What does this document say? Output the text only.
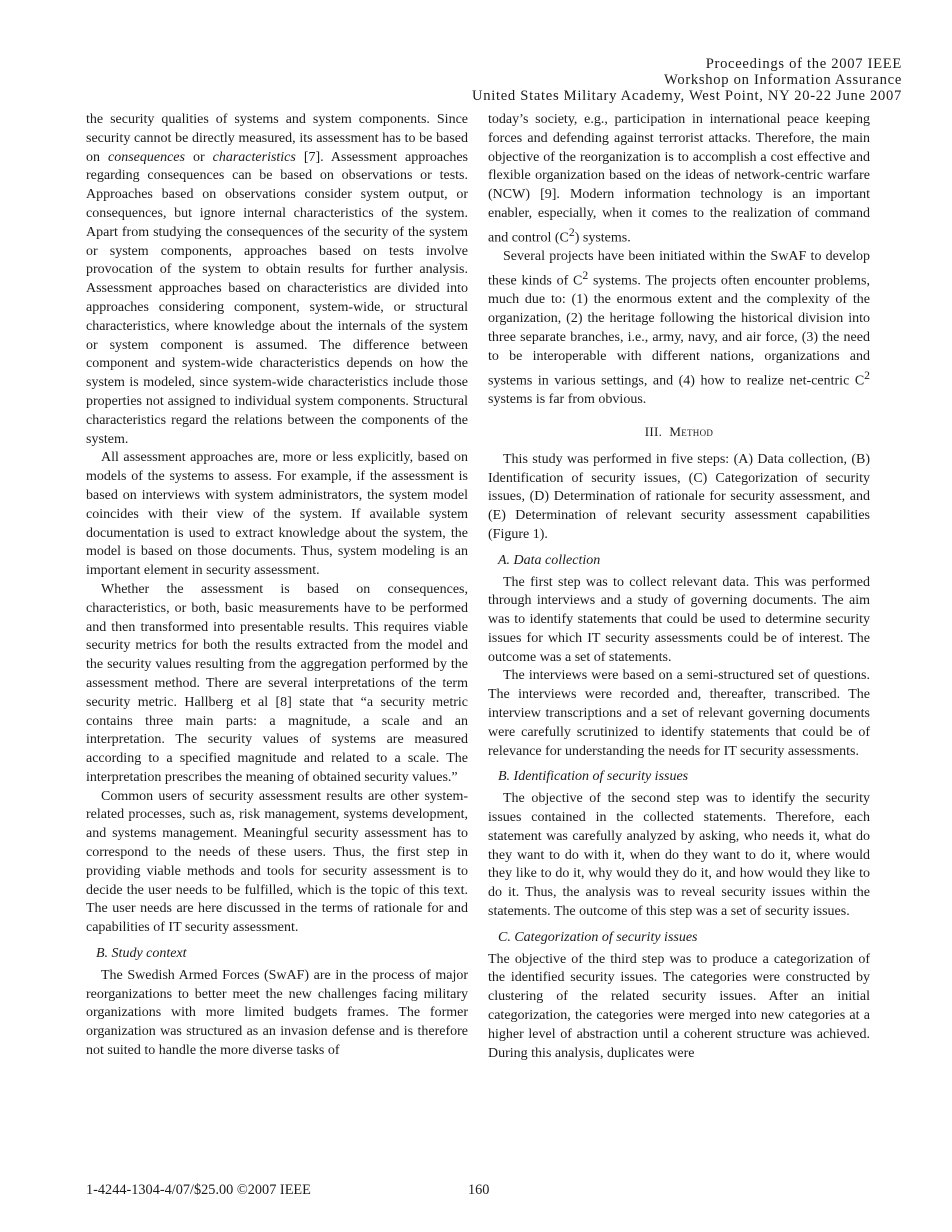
Proceedings of the 2007 IEEE
Workshop on Information Assurance
United States Military Academy, West Point, NY 20-22 June 2007

the security qualities of systems and system components. Since security cannot be directly measured, its assessment has to be based on consequences or characteristics [7]. Assessment approaches regarding consequences can be based on observations or tests. Approaches based on observations consider system output, or consequences, but ignore internal characteristics of the system. Apart from studying the consequences of the security of the system or system components, approaches based on tests involve provocation of the system to obtain results for further analysis. Assessment approaches based on characteristics are divided into approaches considering component, system-wide, or structural characteristics, where knowledge about the internals of the system or system component is assumed. The difference between component and system-wide characteristics depends on how the system is modeled, since system-wide characteristics include those properties not assigned to individual system components. Structural characteristics regard the relations between the components of the system.

All assessment approaches are, more or less explicitly, based on models of the systems to assess. For example, if the assessment is based on interviews with system administrators, the system model coincides with their view of the system. If available system documentation is used to extract knowledge about the system, the model is based on those documents. Thus, system modeling is an important element in security assessment.

Whether the assessment is based on consequences, characteristics, or both, basic measurements have to be performed and then transformed into presentable results. This requires viable security metrics for both the results extracted from the model and the security values resulting from the aggregation performed by the assessment method. There are several interpretations of the term security metric. Hallberg et al [8] state that “a security metric contains three main parts: a magnitude, a scale and an interpretation. The security values of systems are measured according to a specified magnitude and related to a scale. The interpretation prescribes the meaning of obtained security values.”

Common users of security assessment results are other system-related processes, such as, risk management, systems development, and systems management. Meaningful security assessment has to correspond to the needs of these users. Thus, the first step in providing viable methods and tools for security assessment is to decide the user needs to be fulfilled, which is the topic of this text. The user needs are here discussed in the terms of rationale for and capabilities of IT security assessment.

B. Study context

The Swedish Armed Forces (SwAF) are in the process of major reorganizations to better meet the new challenges facing military organizations with more limited budgets frames. The former organization was structured as an invasion defense and is therefore not suited to handle the more diverse tasks of

today’s society, e.g., participation in international peace keeping forces and defending against terrorist attacks. Therefore, the main objective of the reorganization is to accomplish a cost effective and flexible organization based on the ideas of network-centric warfare (NCW) [9]. Modern information technology is an important enabler, especially, when it comes to the realization of command and control $(C^2)$ systems.

Several projects have been initiated within the SwAF to develop these kinds of $C^2$ systems. The projects often encounter problems, much due to: (1) the enormous extent and the complexity of the organization, (2) the heritage following the historical division into three separate branches, i.e., army, navy, and air force, (3) the need to be interoperable with different nations, organizations and systems in various settings, and (4) how to realize net-centric $C^2$ systems is far from obvious.

III. Method

This study was performed in five steps: (A) Data collection, (B) Identification of security issues, (C) Categorization of security issues, (D) Determination of rationale for security assessment, and (E) Determination of relevant security assessment capabilities (Figure 1).

A. Data collection

The first step was to collect relevant data. This was performed through interviews and a study of governing documents. The aim was to identify statements that could be used to determine security issues for which IT security assessments could be of interest. The outcome was a set of statements.

The interviews were based on a semi-structured set of questions. The interviews were recorded and, thereafter, transcribed. The interview transcriptions and a set of relevant governing documents were carefully scrutinized to identify statements that could be of relevance for understanding the needs for IT security assessments.

B. Identification of security issues

The objective of the second step was to identify the security issues contained in the collected statements. Therefore, each statement was carefully analyzed by asking, who needs it, what do they want to do with it, when do they want to do it, where would they like to do it, why would they do it, and how would they like to do it. Thus, the analysis was to reveal security issues within the statements. The outcome of this step was a set of security issues.

C. Categorization of security issues

The objective of the third step was to produce a categorization of the identified security issues. The categories were constructed by clustering of the related security issues. After an initial categorization, the categories were merged into new categories at a higher level of abstraction until a coherent structure was achieved. During this analysis, duplicates were

1-4244-1304-4/07/$25.00 ©2007 IEEE	160
